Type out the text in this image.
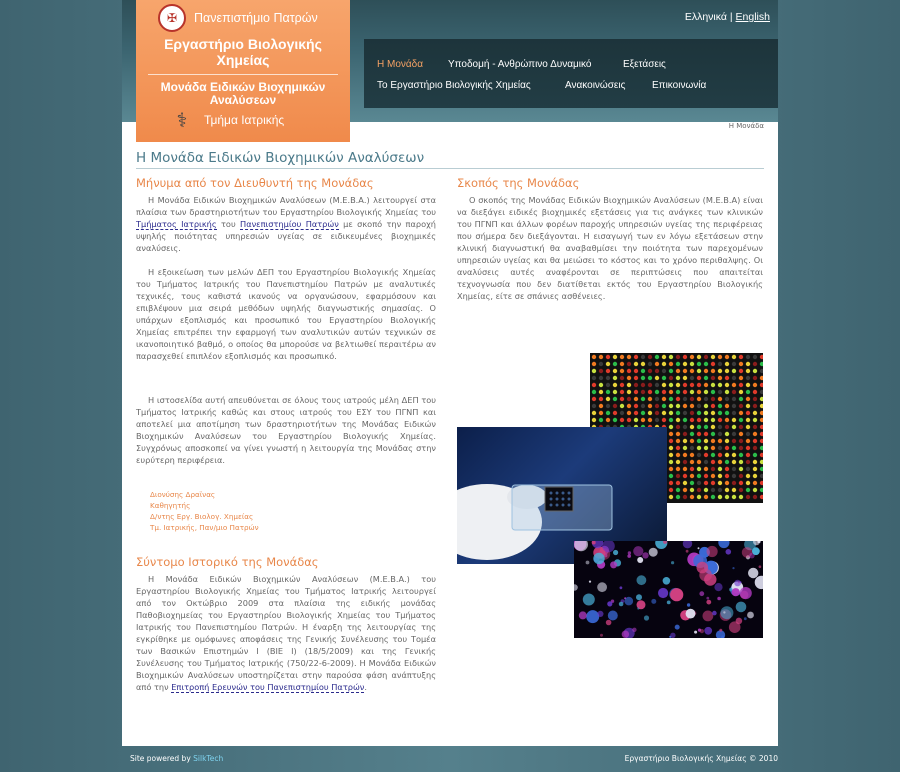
Ελληνικά | English
Η Μονάδα Υποδομή - Ανθρώπινο Δυναμικό	Εξετάσεις
Το Εργαστήριο Βιολογικής Χημείας	Ανακοινώσεις	Επικοινωνία
✠	Πανεπιστήμιο Πατρών
Εργαστήριο Βιολογικής Χημείας
Μονάδα Ειδικών Βιοχημικών Αναλύσεων
⚕	Τμήμα Ιατρικής	Η Μονάδα
Η Μονάδα Ειδικών Βιοχημικών Αναλύσεων
Μήνυμα από τον Διευθυντή της Μονάδας

Η Μονάδα Ειδικών Βιοχημικών Αναλύσεων (Μ.Ε.Β.Α.) λειτουργεί στα πλαίσια των δραστηριοτήτων του Εργαστηρίου Βιολογικής Χημείας του Τμήματος Ιατρικής του Πανεπιστημίου Πατρών με σκοπό την παροχή υψηλής ποιότητας υπηρεσιών υγείας σε ειδικευμένες βιοχημικές αναλύσεις.

Η εξοικείωση των μελών ΔΕΠ του Εργαστηρίου Βιολογικής Χημείας του Τμήματος Ιατρικής του Πανεπιστημίου Πατρών με αναλυτικές τεχνικές, τους καθιστά ικανούς να οργανώσουν, εφαρμόσουν και επιβλέψουν μια σειρά μεθόδων υψηλής διαγνωστικής σημασίας. Ο υπάρχων εξοπλισμός και προσωπικό του Εργαστηρίου Βιολογικής Χημείας επιτρέπει την εφαρμογή των αναλυτικών αυτών τεχνικών σε ικανοποιητικό βαθμό, ο οποίος θα μπορούσε να βελτιωθεί περαιτέρω αν παρασχεθεί επιπλέον εξοπλισμός και προσωπικό.

Η ιστοσελίδα αυτή απευθύνεται σε όλους τους ιατρούς μέλη ΔΕΠ του Τμήματος Ιατρικής καθώς και στους ιατρούς του ΕΣΥ του ΠΓΝΠ και αποτελεί μια αποτίμηση των δραστηριοτήτων της Μονάδας Ειδικών Βιοχημικών Αναλύσεων του Εργαστηρίου Βιολογικής Χημείας. Συγχρόνως αποσκοπεί να γίνει γνωστή η λειτουργία της Μονάδας στην ευρύτερη περιφέρεια.

Διονύσης Δραϊνας
Καθηγητής
Δ/ντης Εργ. Βιολογ. Χημείας
Τμ. Ιατρικής, Παν/μιο Πατρών
Σύντομο Ιστορικό της Μονάδας

Η Μονάδα Ειδικών Βιοχημικών Αναλύσεων (Μ.Ε.Β.Α.) του Εργαστηρίου Βιολογικής Χημείας του Τμήματος Ιατρικής λειτουργεί από τον Οκτώβριο 2009 στα πλαίσια της ειδικής μονάδας Παθοβιοχημείας του Εργαστηρίου Βιολογικής Χημείας του Τμήματος Ιατρικής του Πανεπιστημίου Πατρών. Η έναρξη της λειτουργίας της εγκρίθηκε με ομόφωνες αποφάσεις της Γενικής Συνέλευσης του Τομέα των Βασικών Επιστημών Ι (ΒΙΕ Ι) (18/5/2009) και της Γενικής Συνέλευσης του Τμήματος Ιατρικής (750/22-6-2009). Η Μονάδα Ειδικών Βιοχημικών Αναλύσεων υποστηρίζεται στην παρούσα φάση ανάπτυξης από την Επιτροπή Ερευνών του Πανεπιστημίου Πατρών.

Σκοπός της Μονάδας

Ο σκοπός της Μονάδας Ειδικών Βιοχημικών Αναλύσεων (Μ.Ε.Β.Α) είναι να διεξάγει ειδικές βιοχημικές εξετάσεις για τις ανάγκες των κλινικών του ΠΓΝΠ και άλλων φορέων παροχής υπηρεσιών υγείας της περιφέρειας που σήμερα δεν διεξάγονται. Η εισαγωγή των εν λόγω εξετάσεων στην κλινική διαγνωστική θα αναβαθμίσει την ποιότητα των παρεχομένων υπηρεσιών υγείας και θα μειώσει το κόστος και το χρόνο περιθαλψης. Οι αναλύσεις αυτές αναφέρονται σε περιπτώσεις που απαιτείται τεχνογνωσία που δεν διατίθεται εκτός του Εργαστηρίου Βιολογικής Χημείας, είτε σε σπάνιες ασθένειες.

Site powered by SilkTech	Εργαστήριο Βιολογικής Χημείας © 2010
